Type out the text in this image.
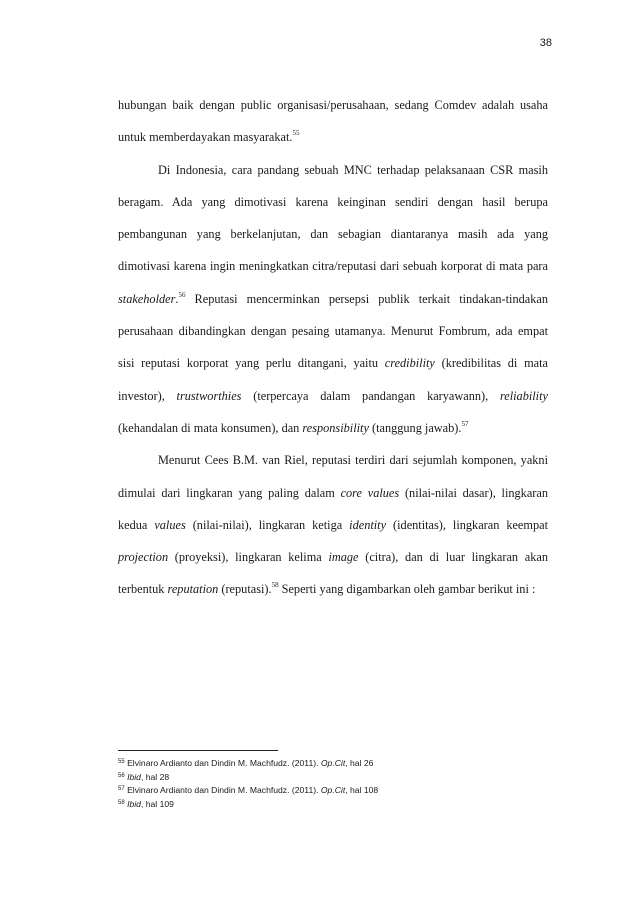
38

hubungan baik dengan public organisasi/perusahaan, sedang Comdev adalah usaha untuk memberdayakan masyarakat.$^{55}$

Di Indonesia, cara pandang sebuah MNC terhadap pelaksanaan CSR masih beragam. Ada yang dimotivasi karena keinginan sendiri dengan hasil berupa pembangunan yang berkelanjutan, dan sebagian diantaranya masih ada yang dimotivasi karena ingin meningkatkan citra/reputasi dari sebuah korporat di mata para stakeholder.$^{56}$ Reputasi mencerminkan persepsi publik terkait tindakan-tindakan perusahaan dibandingkan dengan pesaing utamanya. Menurut Fombrum, ada empat sisi reputasi korporat yang perlu ditangani, yaitu credibility (kredibilitas di mata investor), trustworthies (terpercaya dalam pandangan karyawann), reliability (kehandalan di mata konsumen), dan responsibility (tanggung jawab).$^{57}$

Menurut Cees B.M. van Riel, reputasi terdiri dari sejumlah komponen, yakni dimulai dari lingkaran yang paling dalam core values (nilai-nilai dasar), lingkaran kedua values (nilai-nilai), lingkaran ketiga identity (identitas), lingkaran keempat projection (proyeksi), lingkaran kelima image (citra), dan di luar lingkaran akan terbentuk reputation (reputasi).$^{58}$ Seperti yang digambarkan oleh gambar berikut ini :

$^{55}$ Elvinaro Ardianto dan Dindin M. Machfudz. (2011). Op.Cit, hal 26
$^{56}$ Ibid, hal 28
$^{57}$ Elvinaro Ardianto dan Dindin M. Machfudz. (2011). Op.Cit, hal 108
$^{58}$ Ibid, hal 109
